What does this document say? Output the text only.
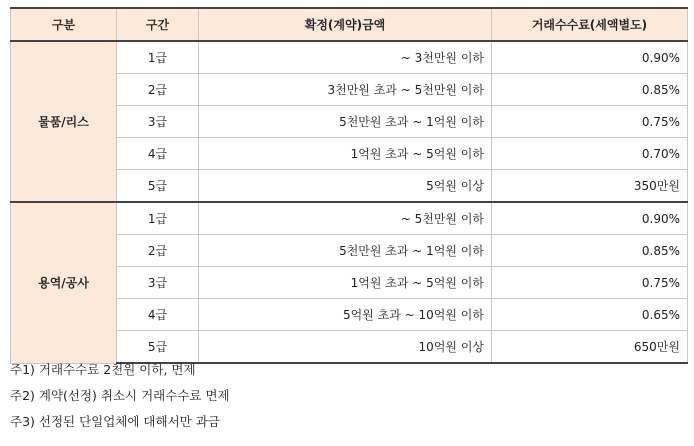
구분	구간	확정(계약)금액	거래수수료(세액별도)
물품/리스	1급	~ 3천만원 이하	0.90%
	2급	3천만원 초과 ~ 5천만원 이하	0.85%
	3급	5천만원 초과 ~ 1억원 이하	0.75%
	4급	1억원 초과 ~ 5억원 이하	0.70%
	5급	5억원 이상	350만원
용역/공사	1급	~ 5천만원 이하	0.90%
	2급	5천만원 초과 ~ 1억원 이하	0.85%
	3급	1억원 초과 ~ 5억원 이하	0.75%
	4급	5억원 초과 ~ 10억원 이하	0.65%
	5급	10억원 이상	650만원
주1) 거래수수료 2천원 이하, 면제
주2) 계약(선정) 취소시 거래수수료 면제
주3) 선정된 단일업체에 대해서만 과금
